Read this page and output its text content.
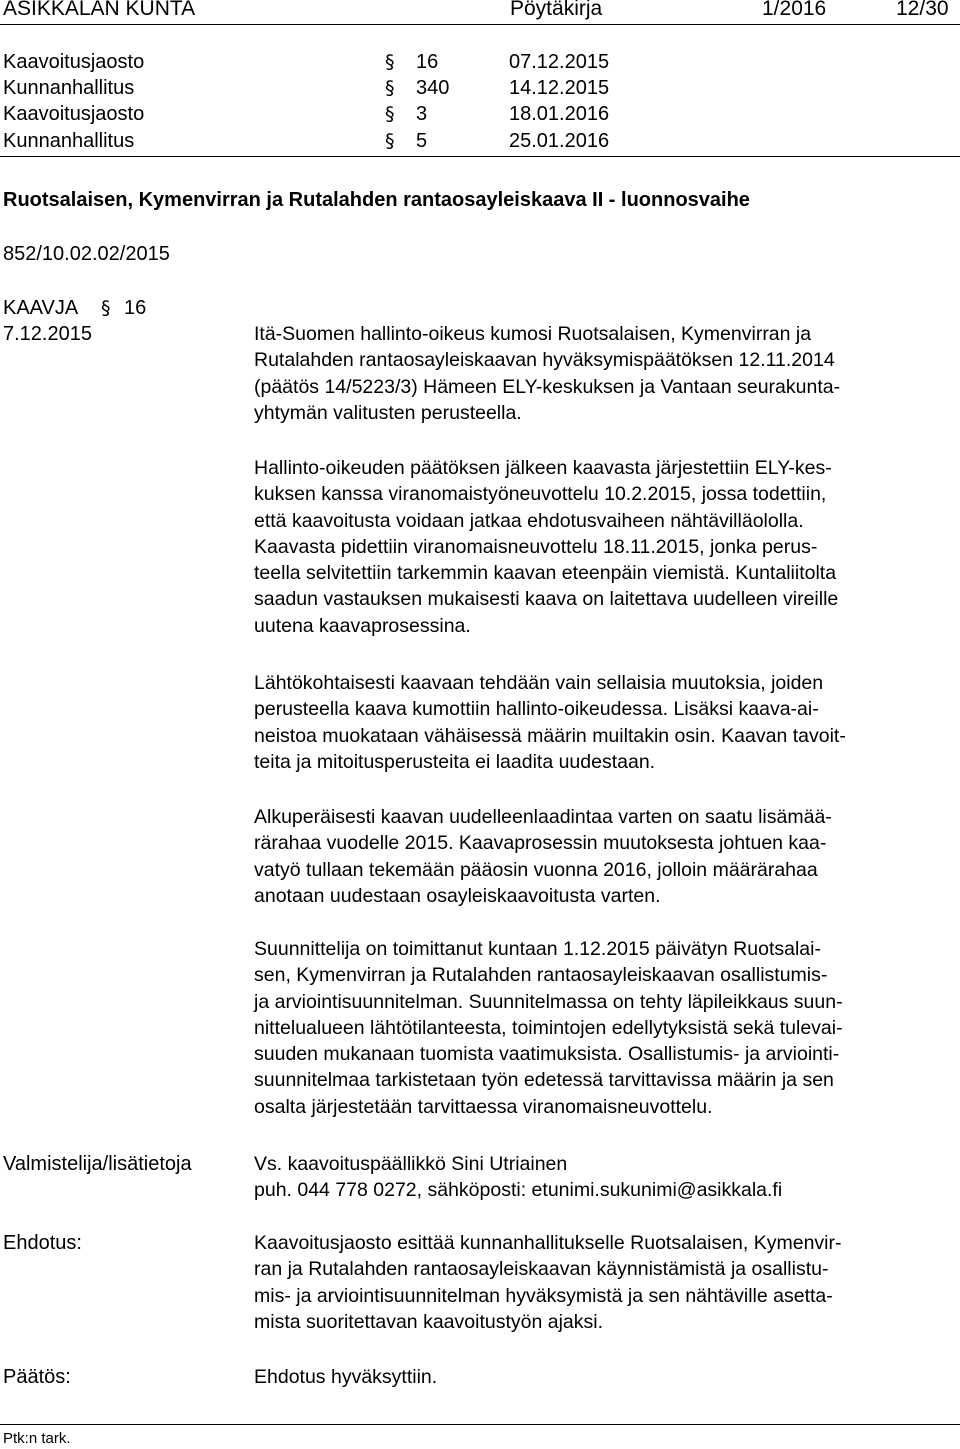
ASIKKALAN KUNTA	Pöytäkirja	1/2016	12/30
Kaavoitusjaosto	§ 16	07.12.2015
Kunnanhallitus	§ 340	14.12.2015
Kaavoitusjaosto	§ 3	18.01.2016
Kunnanhallitus	§ 5	25.01.2016
Ruotsalaisen, Kymenvirran ja Rutalahden rantaosayleiskaava II - luonnosvaihe
852/10.02.02/2015
KAAVJA § 16
7.12.2015	Itä-Suomen hallinto-oikeus kumosi Ruotsalaisen, Kymenvirran ja
Rutalahden rantaosayleiskaavan hyväksymispäätöksen 12.11.2014
(päätös 14/5223/3) Hämeen ELY-keskuksen ja Vantaan seurakunta-
yhtymän valitusten perusteella.
Hallinto-oikeuden päätöksen jälkeen kaavasta järjestettiin ELY-kes-
kuksen kanssa viranomaistyöneuvottelu 10.2.2015, jossa todettiin,
että kaavoitusta voidaan jatkaa ehdotusvaiheen nähtävilläololla.
Kaavasta pidettiin viranomaisneuvottelu 18.11.2015, jonka perus-
teella selvitettiin tarkemmin kaavan eteenpäin viemistä. Kuntaliitolta
saadun vastauksen mukaisesti kaava on laitettava uudelleen vireille
uutena kaavaprosessina.
Lähtökohtaisesti kaavaan tehdään vain sellaisia muutoksia, joiden
perusteella kaava kumottiin hallinto-oikeudessa. Lisäksi kaava-ai-
neistoa muokataan vähäisessä määrin muiltakin osin. Kaavan tavoit-
teita ja mitoitusperusteita ei laadita uudestaan.
Alkuperäisesti kaavan uudelleenlaadintaa varten on saatu lisämää-
rärahaa vuodelle 2015. Kaavaprosessin muutoksesta johtuen kaa-
vatyö tullaan tekemään pääosin vuonna 2016, jolloin määrärahaa
anotaan uudestaan osayleiskaavoitusta varten.
Suunnittelija on toimittanut kuntaan 1.12.2015 päivätyn Ruotsalai-
sen, Kymenvirran ja Rutalahden rantaosayleiskaavan osallistumis-
ja arviointisuunnitelman. Suunnitelmassa on tehty läpileikkaus suun-
nittelualueen lähtötilanteesta, toimintojen edellytyksistä sekä tulevai-
suuden mukanaan tuomista vaatimuksista. Osallistumis- ja arviointi-
suunnitelmaa tarkistetaan työn edetessä tarvittavissa määrin ja sen
osalta järjestetään tarvittaessa viranomaisneuvottelu.
Valmistelija/lisätietoja	Vs. kaavoituspäällikkö Sini Utriainen
puh. 044 778 0272, sähköposti: etunimi.sukunimi@asikkala.fi
Ehdotus:	Kaavoitusjaosto esittää kunnanhallitukselle Ruotsalaisen, Kymenvir-
ran ja Rutalahden rantaosayleiskaavan käynnistämistä ja osallistu-
mis- ja arviointisuunnitelman hyväksymistä ja sen nähtäville asetta-
mista suoritettavan kaavoitustyön ajaksi.
Päätös:	Ehdotus hyväksyttiin.
Ptk:n tark.
